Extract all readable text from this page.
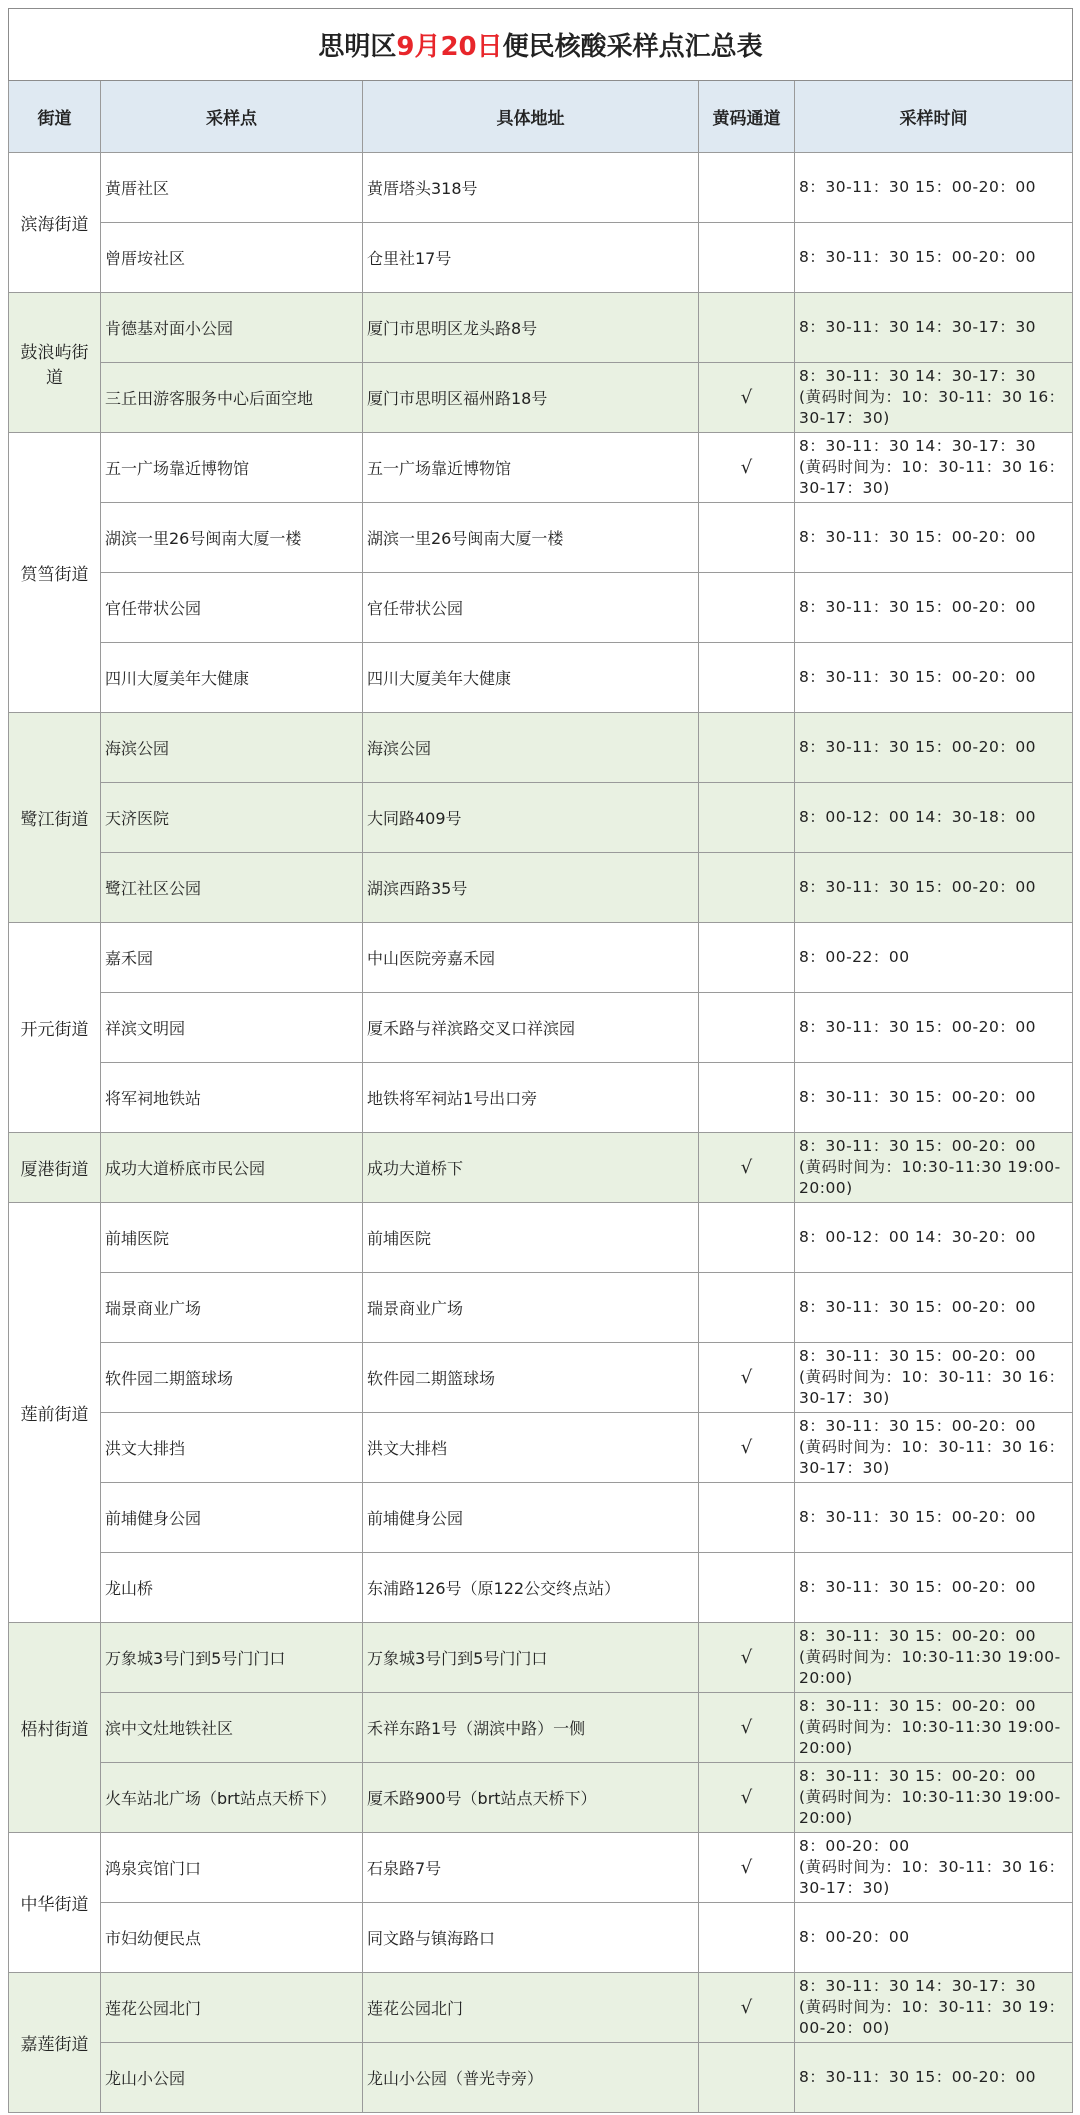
思明区9月20日便民核酸采样点汇总表				
街道	采样点	具体地址	黄码通道	采样时间
滨海街道	黄厝社区	黄厝塔头318号		8：30-11：30 15：00-20：00

	曾厝垵社区	仓里社17号		8：30-11：30 15：00-20：00

鼓浪屿街道	肯德基对面小公园	厦门市思明区龙头路8号		8：30-11：30 14：30-17：30

	三丘田游客服务中心后面空地	厦门市思明区福州路18号	√	8：30-11：30 14：30-17：30
(黄码时间为：10：30-11：30 16：
30-17：30)

筼筜街道	五一广场靠近博物馆	五一广场靠近博物馆	√	8：30-11：30 14：30-17：30
(黄码时间为：10：30-11：30 16：
30-17：30)

	湖滨一里26号闽南大厦一楼	湖滨一里26号闽南大厦一楼		8：30-11：30 15：00-20：00

	官任带状公园	官任带状公园		8：30-11：30 15：00-20：00

	四川大厦美年大健康	四川大厦美年大健康		8：30-11：30 15：00-20：00

鹭江街道	海滨公园	海滨公园		8：30-11：30 15：00-20：00

	天济医院	大同路409号		8：00-12：00 14：30-18：00

	鹭江社区公园	湖滨西路35号		8：30-11：30 15：00-20：00

开元街道	嘉禾园	中山医院旁嘉禾园		8：00-22：00

	祥滨文明园	厦禾路与祥滨路交叉口祥滨园		8：30-11：30 15：00-20：00

	将军祠地铁站	地铁将军祠站1号出口旁		8：30-11：30 15：00-20：00

厦港街道	成功大道桥底市民公园	成功大道桥下	√	8：30-11：30 15：00-20：00
(黄码时间为：10:30-11:30 19:00-
20:00)

莲前街道	前埔医院	前埔医院		8：00-12：00 14：30-20：00

	瑞景商业广场	瑞景商业广场		8：30-11：30 15：00-20：00

	软件园二期篮球场	软件园二期篮球场	√	8：30-11：30 15：00-20：00
(黄码时间为：10：30-11：30 16：
30-17：30)

	洪文大排挡	洪文大排档	√	8：30-11：30 15：00-20：00
(黄码时间为：10：30-11：30 16：
30-17：30)

	前埔健身公园	前埔健身公园		8：30-11：30 15：00-20：00

	龙山桥	东浦路126号（原122公交终点站）		8：30-11：30 15：00-20：00

梧村街道	万象城3号门到5号门门口	万象城3号门到5号门门口	√	8：30-11：30 15：00-20：00
(黄码时间为：10:30-11:30 19:00-
20:00)

	滨中文灶地铁社区	禾祥东路1号（湖滨中路）一侧	√	8：30-11：30 15：00-20：00
(黄码时间为：10:30-11:30 19:00-
20:00)

	火车站北广场（brt站点天桥下）	厦禾路900号（brt站点天桥下）	√	8：30-11：30 15：00-20：00
(黄码时间为：10:30-11:30 19:00-
20:00)

中华街道	鸿泉宾馆门口	石泉路7号	√	8：00-20：00
(黄码时间为：10：30-11：30 16：
30-17：30)

	市妇幼便民点	同文路与镇海路口		8：00-20：00

嘉莲街道	莲花公园北门	莲花公园北门	√	8：30-11：30 14：30-17：30
(黄码时间为：10：30-11：30 19：
00-20：00)

	龙山小公园	龙山小公园（普光寺旁）		8：30-11：30 15：00-20：00
